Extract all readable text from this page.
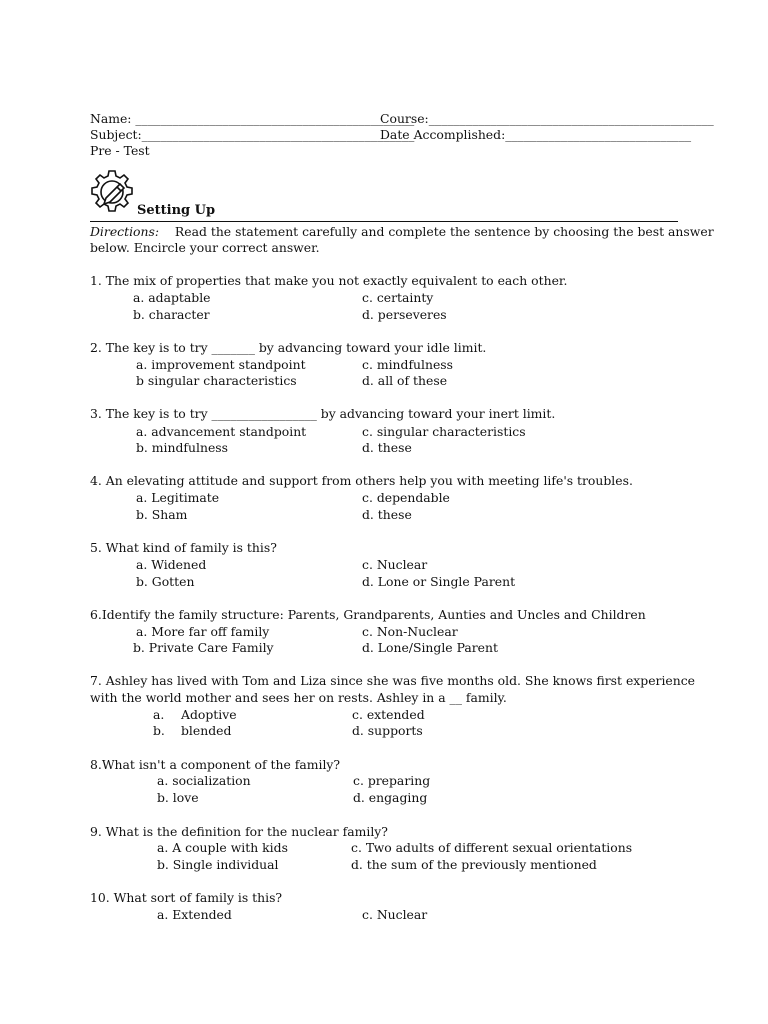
Name: _____________________________________________
Course:______________________________________________
Subject:____________________________________________
Date Accomplished:______________________________
Pre - Test
Setting Up
Directions: Read the statement carefully and complete the sentence by choosing the best answer
below. Encircle your correct answer.
1. The mix of properties that make you not exactly equivalent to each other.
a. adaptable	c. certainty
b. character	d. perseveres
2. The key is to try _______ by advancing toward your idle limit.
a. improvement standpoint	c. mindfulness
b singular characteristics	d. all of these
3. The key is to try _________________ by advancing toward your inert limit.
a. advancement standpoint	c. singular characteristics
b. mindfulness	d. these
4. An elevating attitude and support from others help you with meeting life's troubles.
a. Legitimate	c. dependable
b. Sham	d. these
5. What kind of family is this?
a. Widened	c. Nuclear
b. Gotten	d. Lone or Single Parent
6.Identify the family structure: Parents, Grandparents, Aunties and Uncles and Children
a. More far off family	c. Non-Nuclear
b. Private Care Family	d. Lone/Single Parent
7. Ashley has lived with Tom and Liza since she was five months old. She knows first experience
with the world mother and sees her on rests. Ashley in a __ family.
a. Adoptive	c. extended
b. blended	d. supports
8.What isn't a component of the family?
a. socialization	c. preparing
b. love	d. engaging
9. What is the definition for the nuclear family?
a. A couple with kids	c. Two adults of different sexual orientations
b. Single individual	d. the sum of the previously mentioned
10. What sort of family is this?
a. Extended	c. Nuclear
